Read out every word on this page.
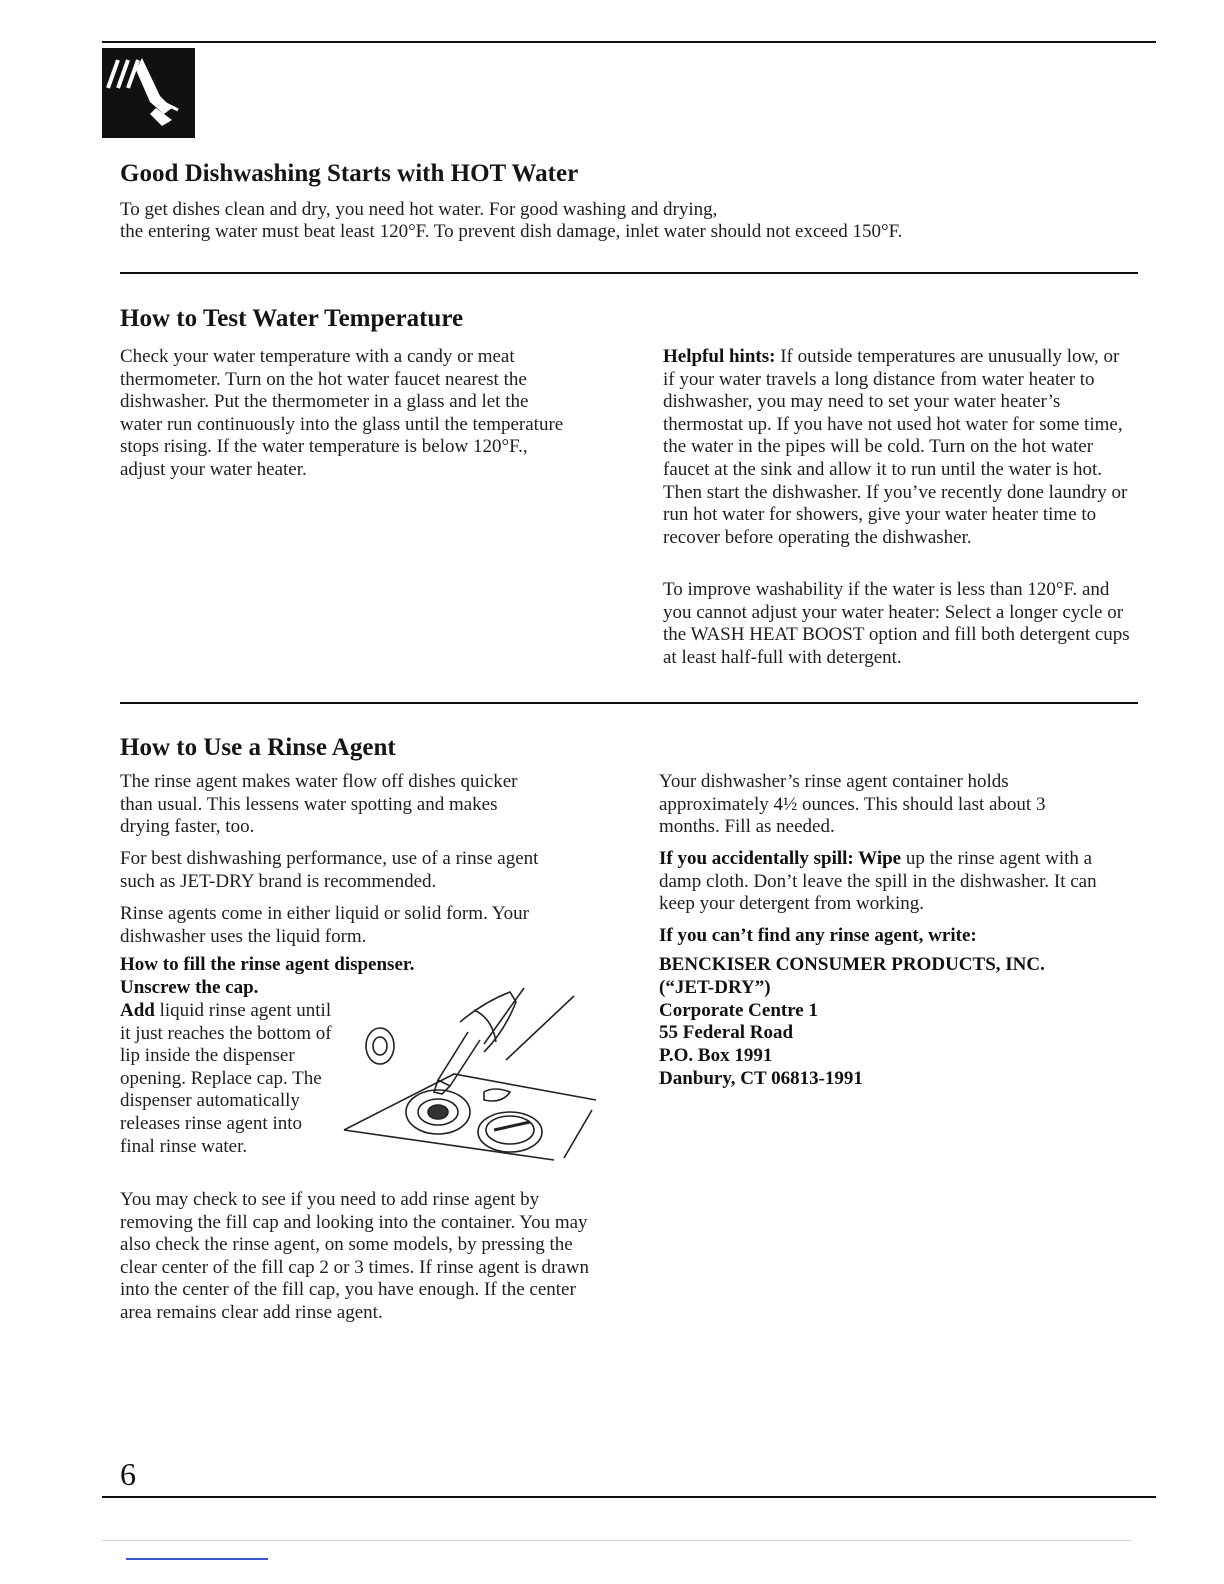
Good Dishwashing Starts with HOT Water
To get dishes clean and dry, you need hot water. For good washing and drying,
the entering water must beat least 120°F. To prevent dish damage, inlet water should not exceed 150°F.
How to Test Water Temperature

Check your water temperature with a candy or meat thermometer. Turn on the hot water faucet nearest the dishwasher. Put the thermometer in a glass and let the water run continuously into the glass until the temperature stops rising. If the water temperature is below 120°F., adjust your water heater.

Helpful hints: If outside temperatures are unusually low, or if your water travels a long distance from water heater to dishwasher, you may need to set your water heater’s thermostat up. If you have not used hot water for some time, the water in the pipes will be cold. Turn on the hot water faucet at the sink and allow it to run until the water is hot. Then start the dishwasher. If you’ve recently done laundry or run hot water for showers, give your water heater time to recover before operating the dishwasher.

To improve washability if the water is less than 120°F. and you cannot adjust your water heater: Select a longer cycle or the WASH HEAT BOOST option and fill both detergent cups at least half-full with detergent.

How to Use a Rinse Agent

The rinse agent makes water flow off dishes quicker than usual. This lessens water spotting and makes drying faster, too.

For best dishwashing performance, use of a rinse agent such as JET-DRY brand is recommended.

Rinse agents come in either liquid or solid form. Your dishwasher uses the liquid form.

How to fill the rinse agent dispenser.

Unscrew the cap.

Add liquid rinse agent until it just reaches the bottom of lip inside the dispenser opening. Replace cap. The dispenser automatically releases rinse agent into final rinse water.

You may check to see if you need to add rinse agent by removing the fill cap and looking into the container. You may also check the rinse agent, on some models, by pressing the clear center of the fill cap 2 or 3 times. If rinse agent is drawn into the center of the fill cap, you have enough. If the center area remains clear add rinse agent.

Your dishwasher’s rinse agent container holds approximately 4½ ounces. This should last about 3 months. Fill as needed.

If you accidentally spill: Wipe up the rinse agent with a damp cloth. Don’t leave the spill in the dishwasher. It can keep your detergent from working.

If you can’t find any rinse agent, write:

BENCKISER CONSUMER PRODUCTS, INC.
(“JET-DRY”)
Corporate Centre 1
55 Federal Road
P.O. Box 1991
Danbury, CT 06813-1991
6
